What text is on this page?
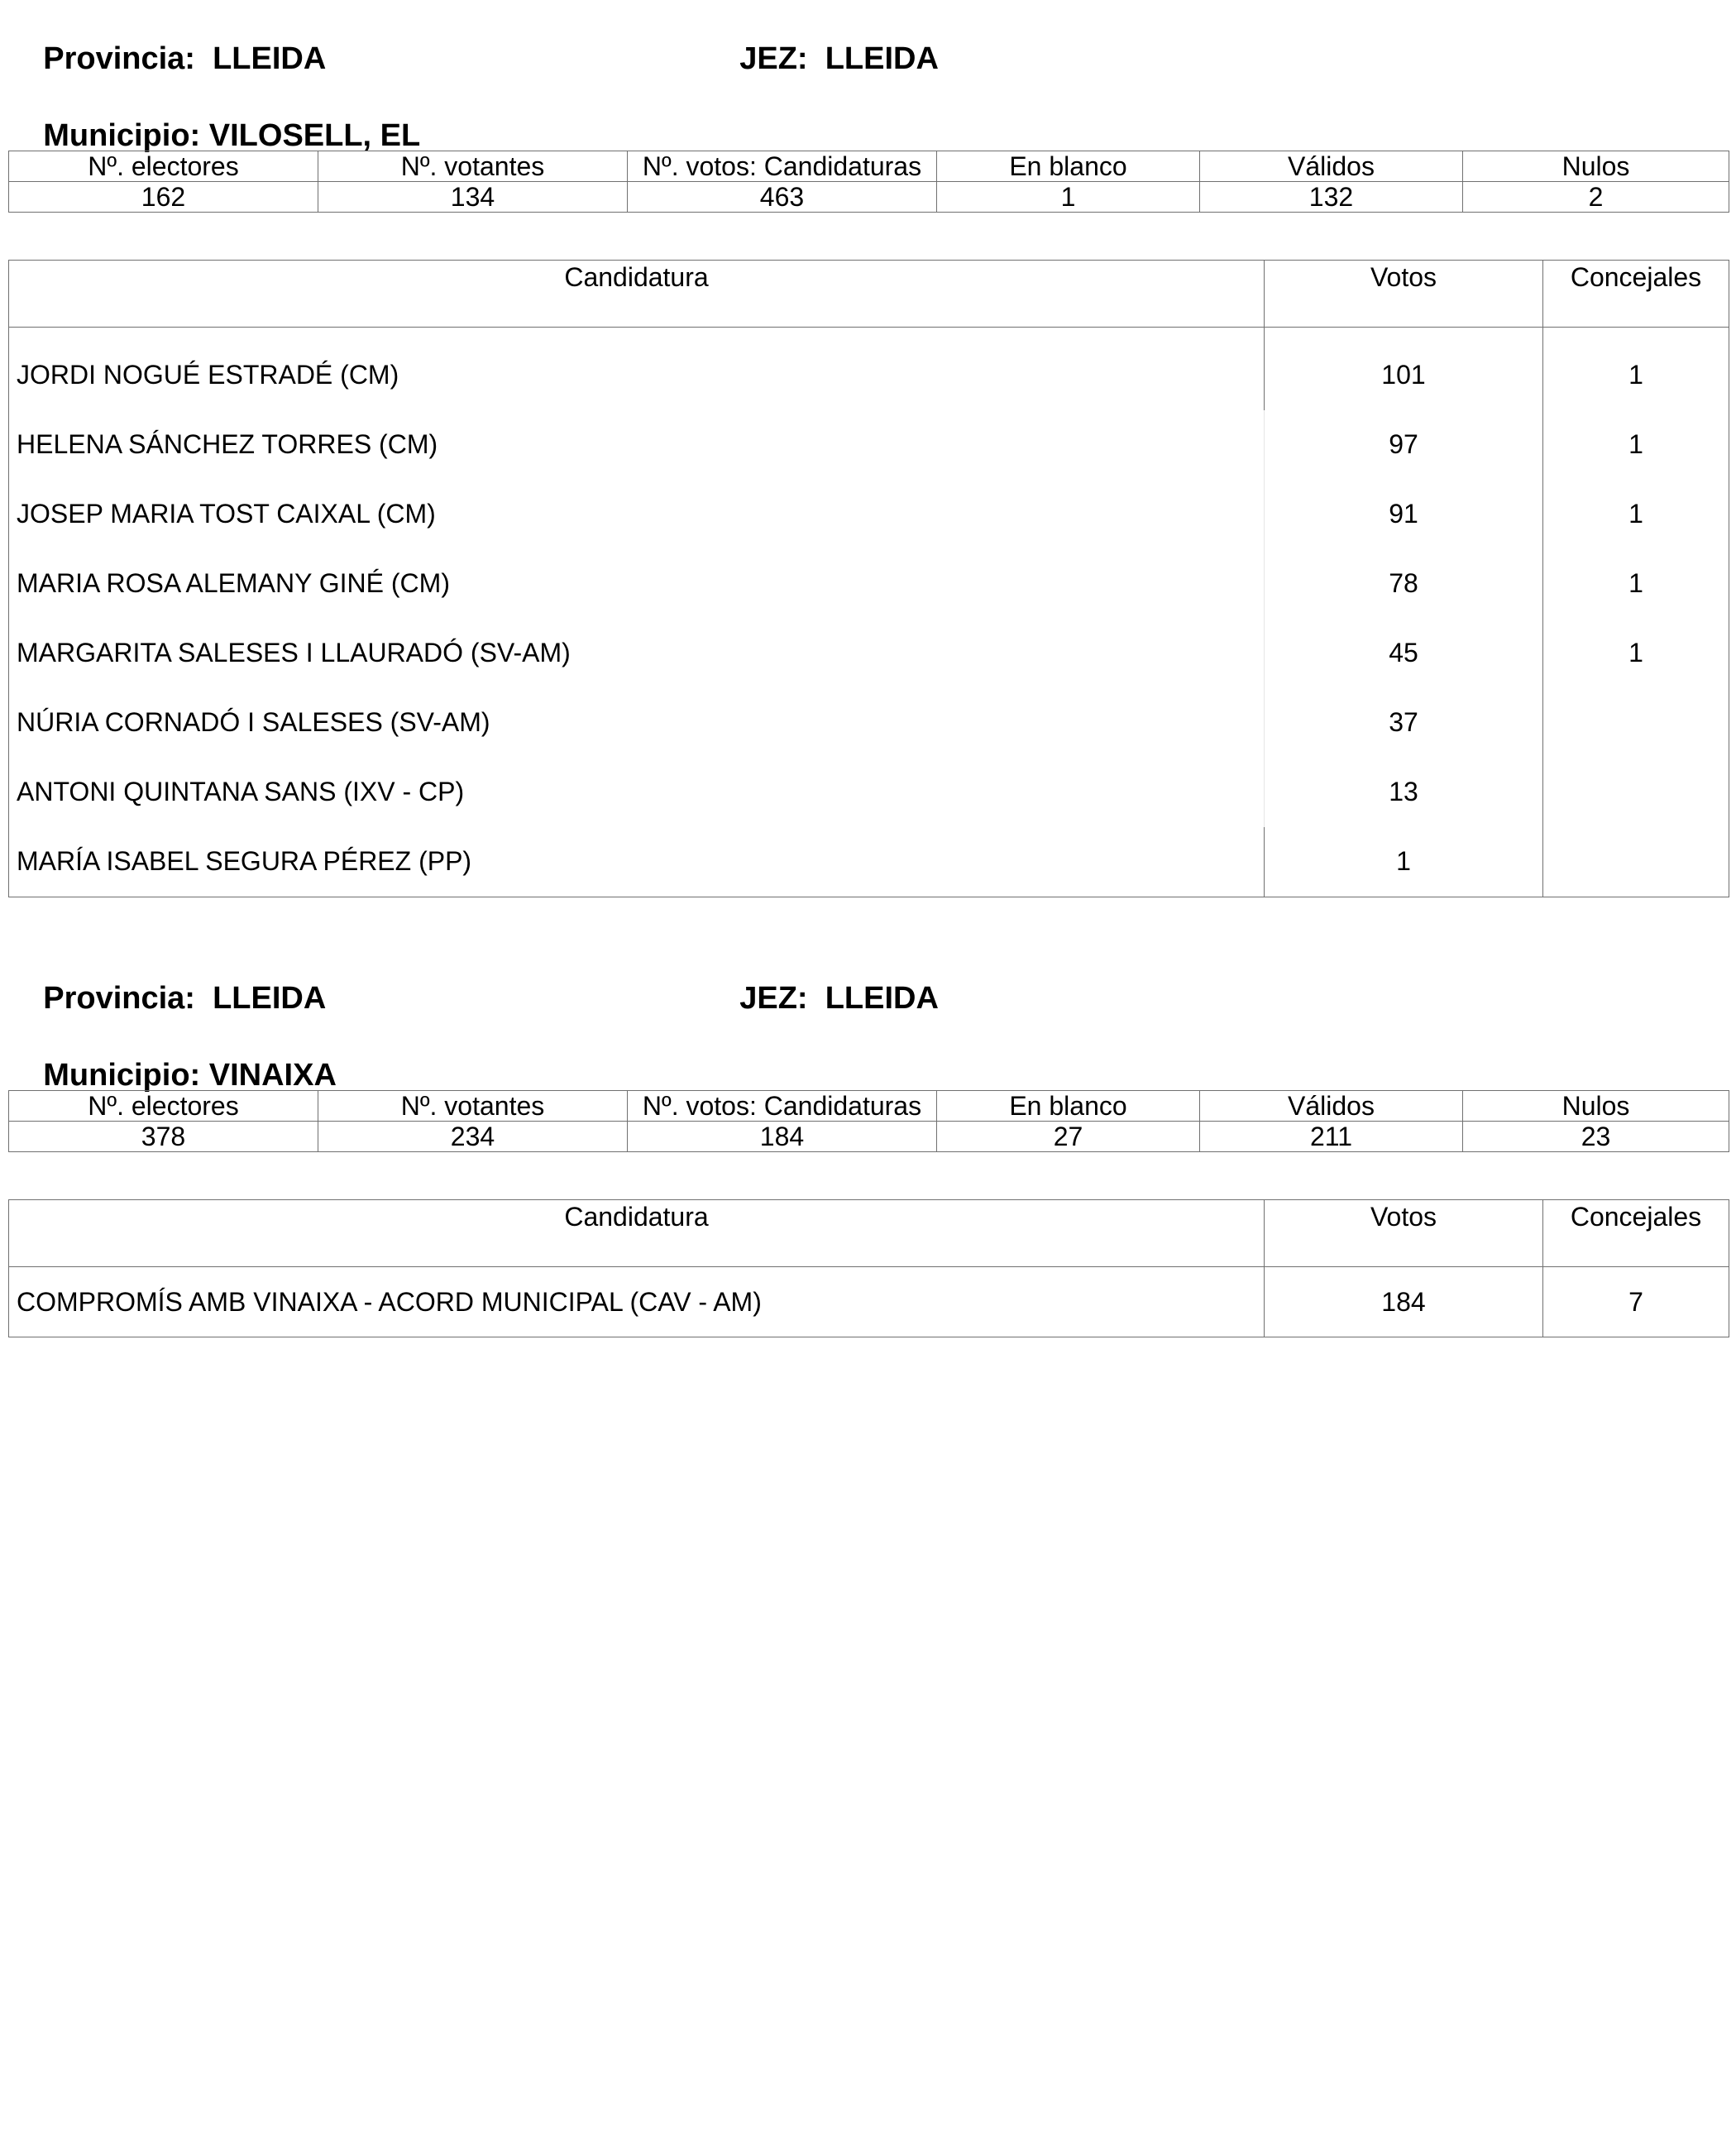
Provincia: LLEIDA
	JEZ: LLEIDA

Municipio: VILOSELL, EL

Nº. electores	Nº. votantes	Nº. votos: Candidaturas	En blanco	Válidos	Nulos
162	134	463	1	132	2
Candidatura	Votos	Concejales
JORDI NOGUÉ ESTRADÉ (CM)	101	1
HELENA SÁNCHEZ TORRES (CM)	97	1
JOSEP MARIA TOST CAIXAL (CM)	91	1
MARIA ROSA ALEMANY GINÉ (CM)	78	1
MARGARITA SALESES I LLAURADÓ (SV-AM)	45	1
NÚRIA CORNADÓ I SALESES (SV-AM)	37	
ANTONI QUINTANA SANS (IXV - CP)	13	
MARÍA ISABEL SEGURA PÉREZ (PP)	1	

Provincia: LLEIDA
	JEZ: LLEIDA

Municipio: VINAIXA

Nº. electores	Nº. votantes	Nº. votos: Candidaturas	En blanco	Válidos	Nulos
378	234	184	27	211	23
Candidatura	Votos	Concejales
COMPROMÍS AMB VINAIXA - ACORD MUNICIPAL (CAV - AM)	184	7
